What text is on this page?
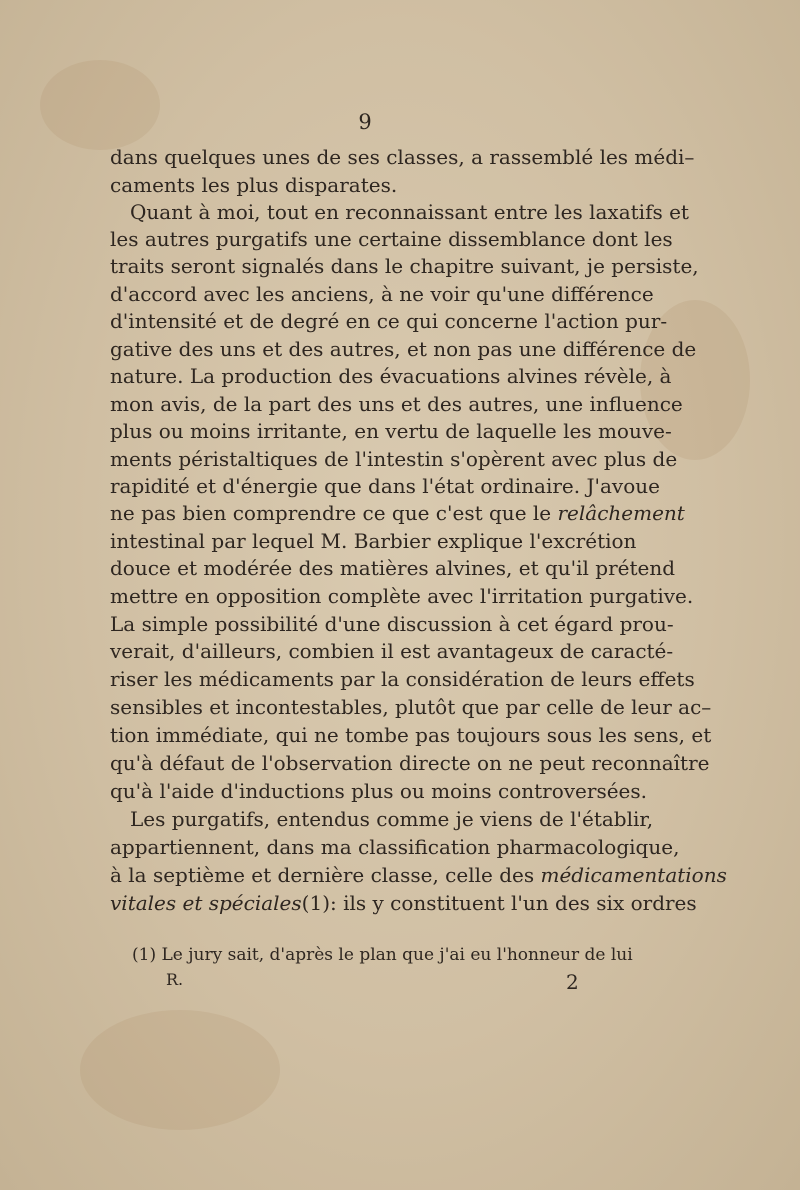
9
dans quelques unes de ses classes, a rassemblé les médi–
caments les plus disparates.
Quant à moi, tout en reconnaissant entre les laxatifs et
les autres purgatifs une certaine dissemblance dont les
traits seront signalés dans le chapitre suivant, je persiste,
d'accord avec les anciens, à ne voir qu'une différence
d'intensité et de degré en ce qui concerne l'action pur-
gative des uns et des autres, et non pas une différence de
nature. La production des évacuations alvines révèle, à
mon avis, de la part des uns et des autres, une influence
plus ou moins irritante, en vertu de laquelle les mouve-
ments péristaltiques de l'intestin s'opèrent avec plus de
rapidité et d'énergie que dans l'état ordinaire. J'avoue
ne pas bien comprendre ce que c'est que le relâchement
intestinal par lequel M. Barbier explique l'excrétion
douce et modérée des matières alvines, et qu'il prétend
mettre en opposition complète avec l'irritation purgative.
La simple possibilité d'une discussion à cet égard prou-
verait, d'ailleurs, combien il est avantageux de caracté-
riser les médicaments par la considération de leurs effets
sensibles et incontestables, plutôt que par celle de leur ac–
tion immédiate, qui ne tombe pas toujours sous les sens, et
qu'à défaut de l'observation directe on ne peut reconnaître
qu'à l'aide d'inductions plus ou moins controversées.
Les purgatifs, entendus comme je viens de l'établir,
appartiennent, dans ma classification pharmacologique,
à la septième et dernière classe, celle des médicamentations
vitales et spéciales(1): ils y constituent l'un des six ordres
(1) Le jury sait, d'après le plan que j'ai eu l'honneur de lui
R.	2
